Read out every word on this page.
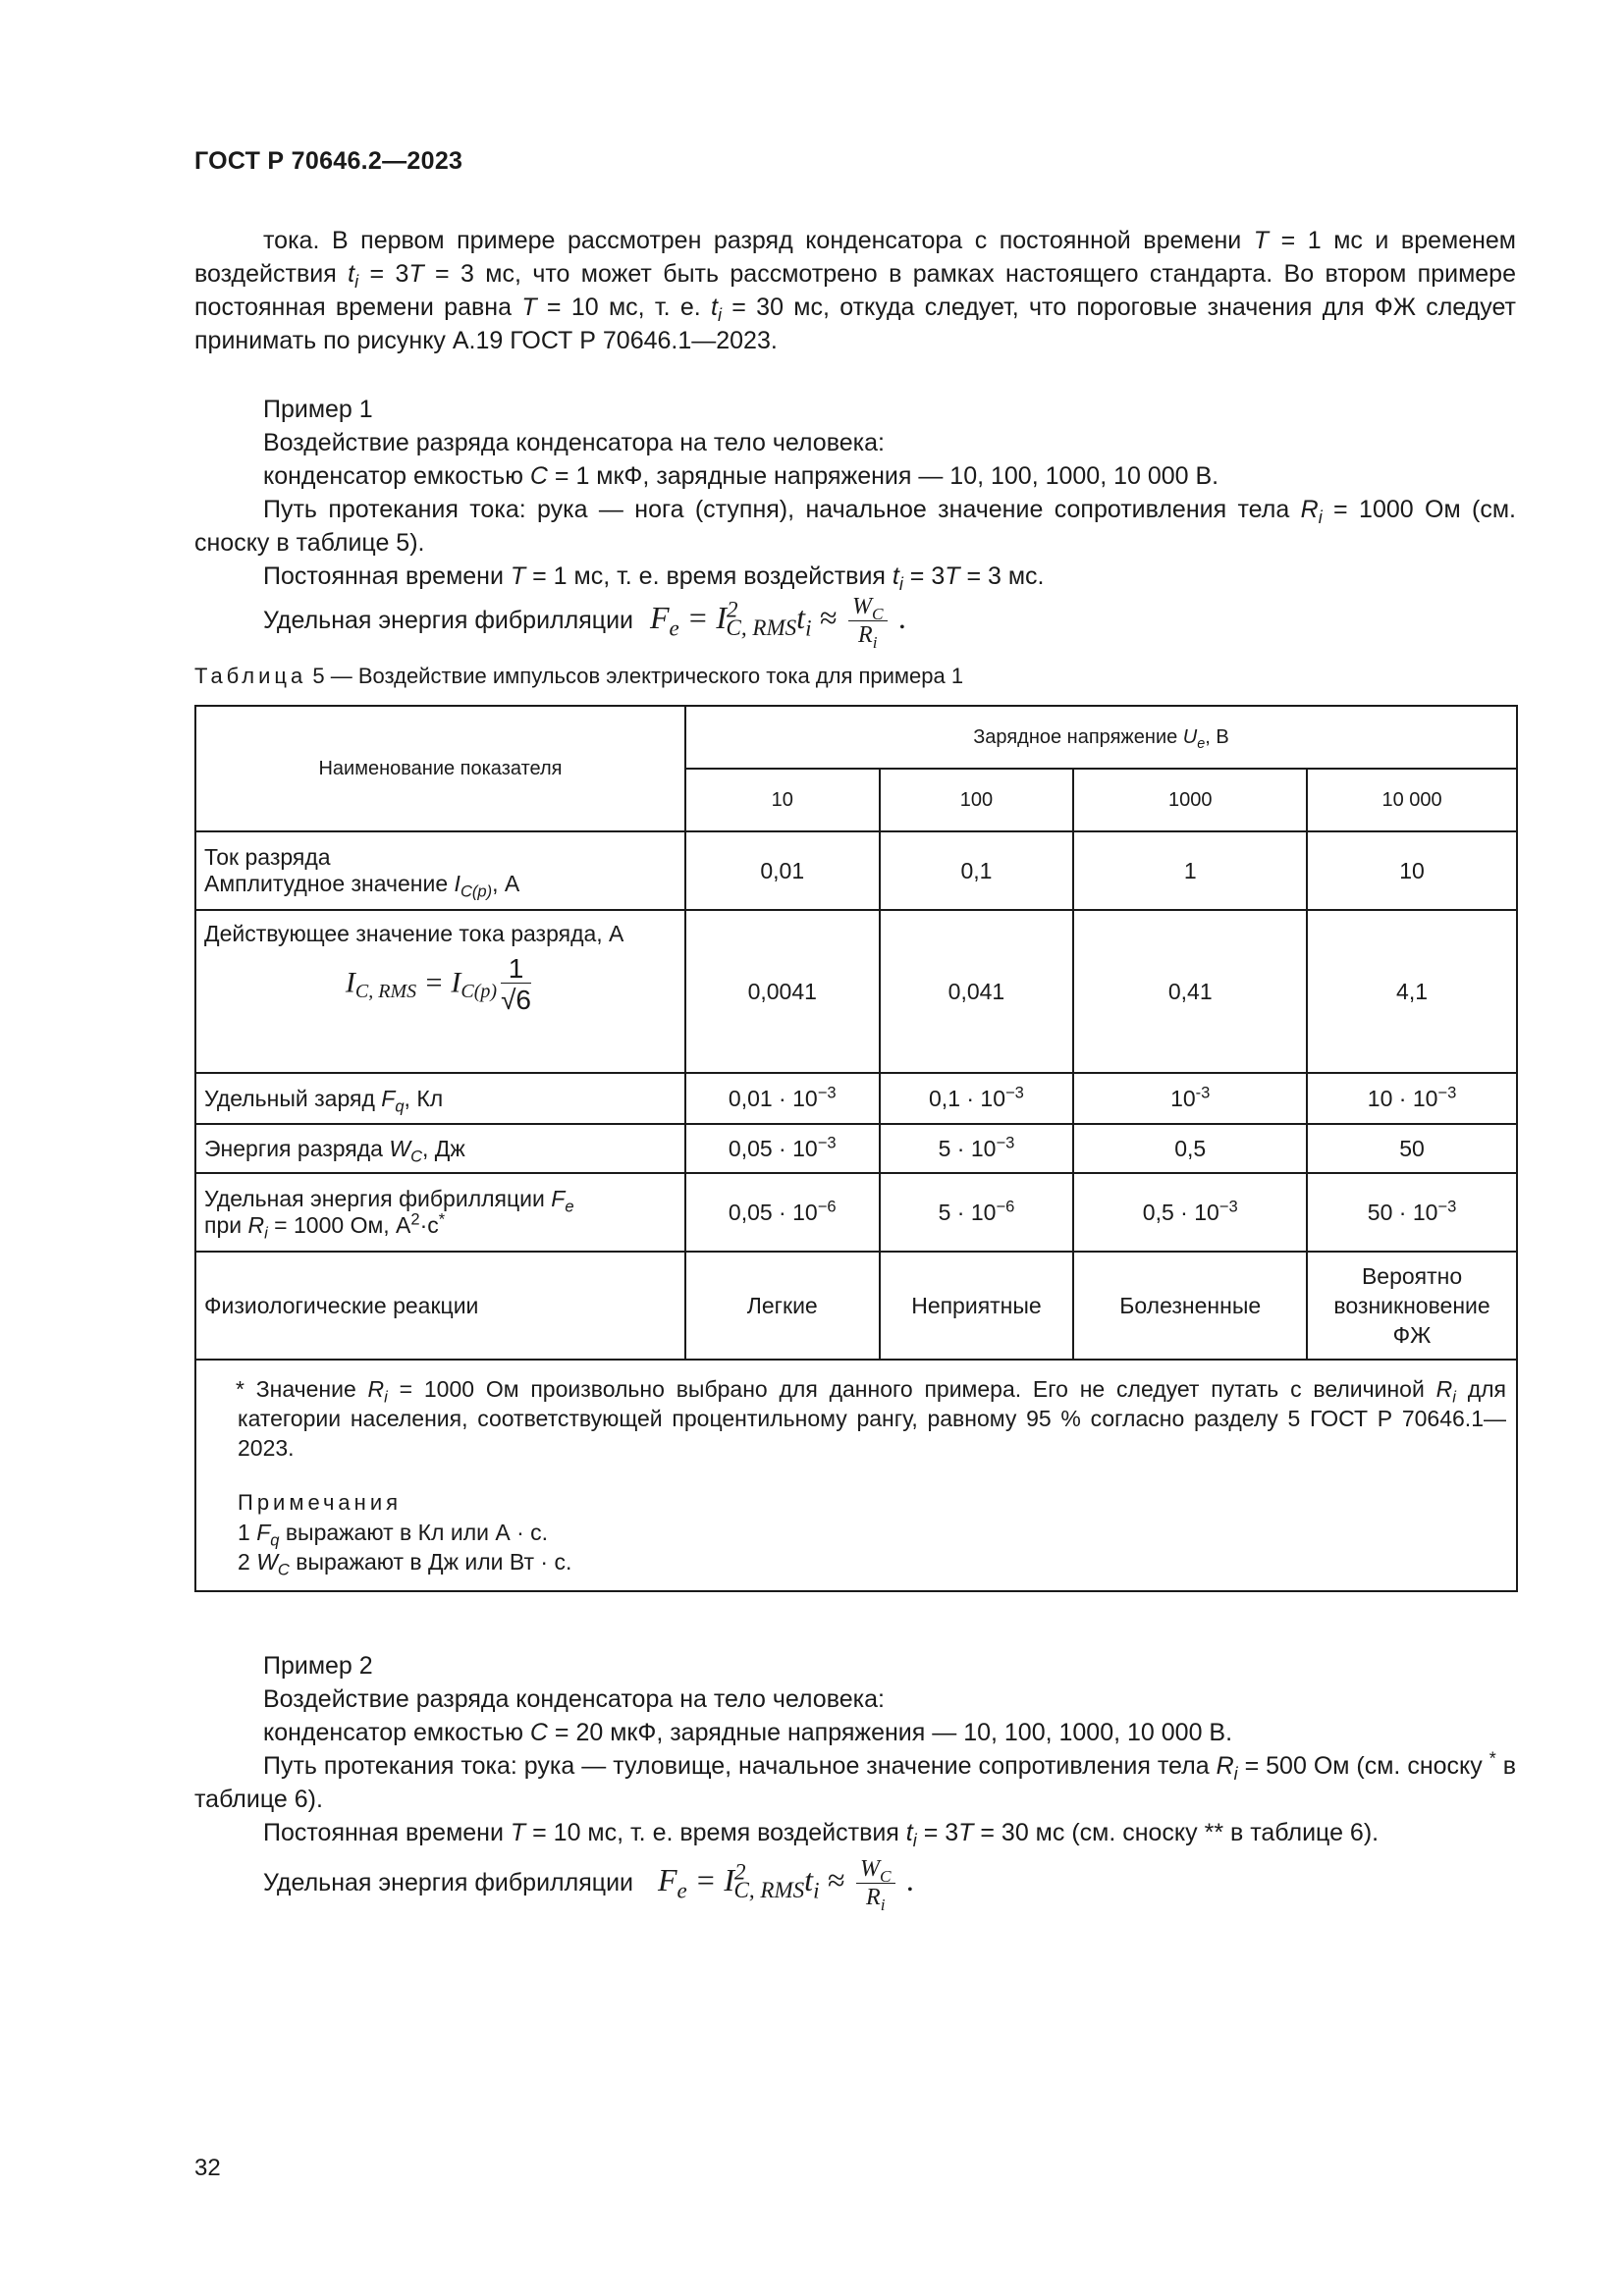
ГОСТ Р 70646.2—2023

тока. В первом примере рассмотрен разряд конденсатора с постоянной времени T = 1 мс и временем воздействия $t_i = 3T = 3$ мс, что может быть рассмотрено в рамках настоящего стандарта. Во втором примере постоянная времени равна T = 10 мс, т. е. $t_i = 30$ мс, откуда следует, что пороговые значения для ФЖ следует принимать по рисунку А.19 ГОСТ Р 70646.1—2023.

Пример 1
Воздействие разряда конденсатора на тело человека:
конденсатор емкостью C = 1 мкФ, зарядные напряжения — 10, 100, 1000, 10 000 В.

Путь протекания тока: рука — нога (ступня), начальное значение сопротивления тела $R_i = 1000$ Ом (см. сноску в таблице 5).

Постоянная времени T = 1 мс, т. е. время воздействия $t_i = 3T = 3$ мс.
Удельная энергия фибрилляции $F_e = I^2_{C, RMS}t_i \approx \frac{W_C}{R_i}$ .
Таблица 5 — Воздействие импульсов электрического тока для примера 1
Наименование показателя	Зарядное напряжение $U_e$, В			
	10	100	1000	10 000

Ток разряда
Амплитудное значение $I_{C(p)}$, А	0,01	0,1	1	10

Действующее значение тока разряда, А
$I_{C, RMS} = I_{C(p)} \frac{1}{√6}$	0,0041	0,041	0,41	4,1
Удельный заряд $F_q$, Кл	$0,01 \cdot 10^{-3}$	$0,1 \cdot 10^{-3}$	$10^{-3}$	$10 \cdot 10^{-3}$
Энергия разряда $W_C$, Дж	$0,05 \cdot 10^{-3}$	$5 \cdot 10^{-3}$	0,5	50

Удельная энергия фибрилляции $F_e$
при $R_i = 1000$ Ом, $А^2\cdot с^*$	$0,05 \cdot 10^{-6}$	$5 \cdot 10^{-6}$	$0,5 \cdot 10^{-3}$	$50 \cdot 10^{-3}$
Физиологические реакции	Легкие	Неприятные	Болезненные	Вероятно возникновение ФЖ

* Значение $R_i = 1000$ Ом произвольно выбрано для данного примера. Его не следует путать с величиной $R_i$ для категории населения, соответствующей процентильному рангу, равному 95 % согласно разделу 5 ГОСТ Р 70646.1—2023.
Примечания
1 $F_q$ выражают в Кл или А · с.
2 $W_C$ выражают в Дж или Вт · с.				
Пример 2
Воздействие разряда конденсатора на тело человека:
конденсатор емкостью C = 20 мкФ, зарядные напряжения — 10, 100, 1000, 10 000 В.

Путь протекания тока: рука — туловище, начальное значение сопротивления тела $R_i = 500$ Ом (см. сноску * в таблице 6).

Постоянная времени T = 10 мс, т. е. время воздействия $t_i = 3T = 30$ мс (см. сноску ** в таблице 6).
Удельная энергия фибрилляции $F_e = I^2_{C, RMS}t_i \approx \frac{W_C}{R_i}$ .
32
